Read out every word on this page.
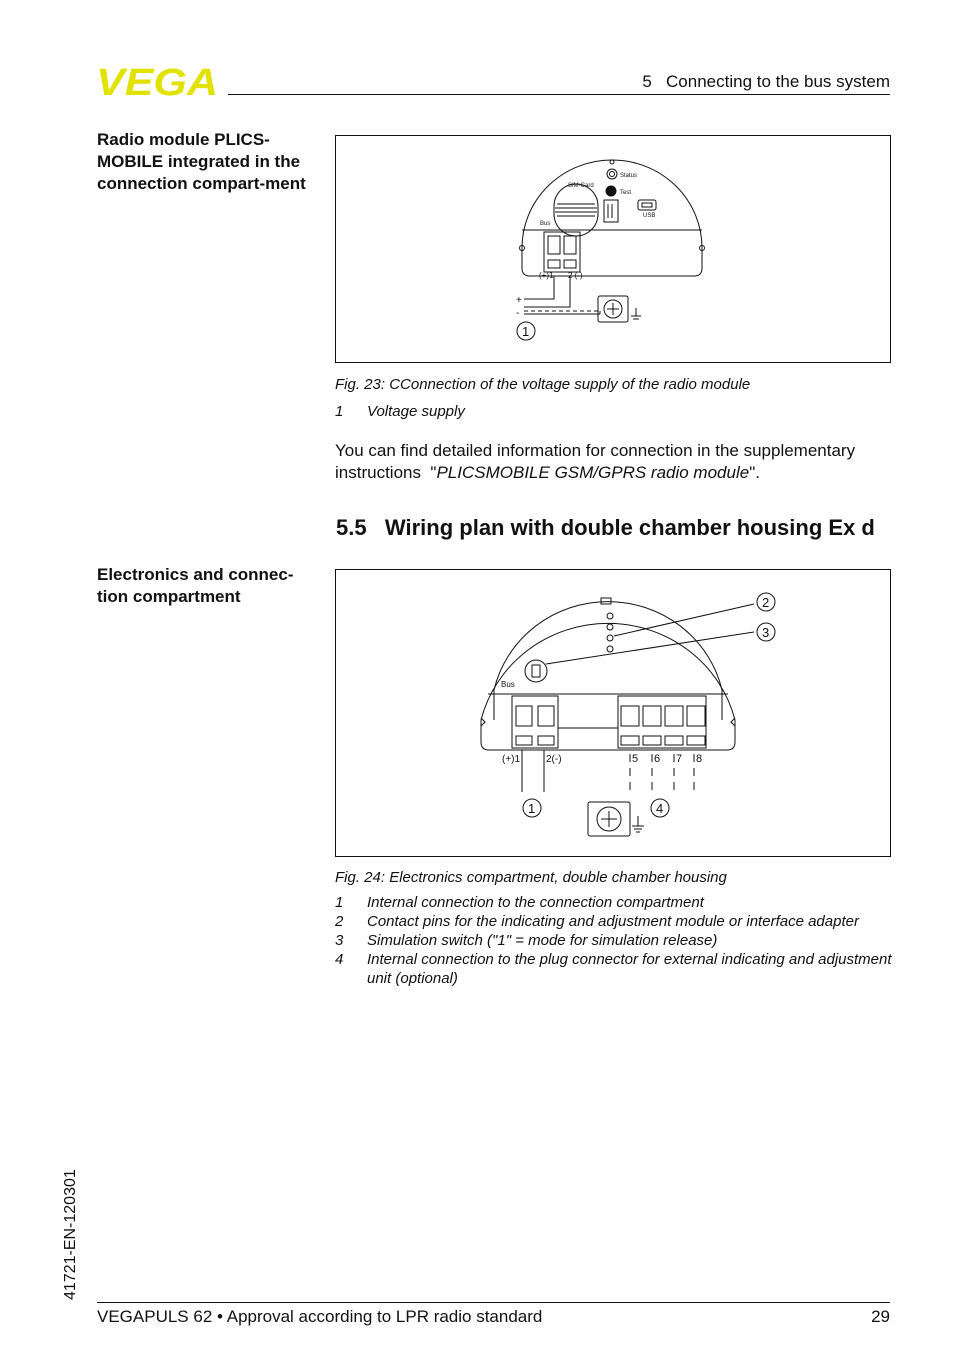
VEGA	5   Connecting to the bus system
Radio module PLICS-MOBILE integrated in the connection compart-ment	Status
SIM-Card
Test
Bus
USB
(+)1 2 (-)
+
-
1
Fig. 23: CConnection of the voltage supply of the radio module
1	Voltage supply
You can find detailed information for connection in the supplementary instructions  "PLICSMOBILE GSM/GPRS radio module".
5.5   Wiring plan with double chamber housing Ex d
Electronics and connec-tion compartment
Bus
(+)1	2(-)	5 6 7 8
1
2
3
4
Fig. 24: Electronics compartment, double chamber housing
1	Internal connection to the connection compartment
2	Contact pins for the indicating and adjustment module or interface adapter
3	Simulation switch ("1" = mode for simulation release)
4	Internal connection to the plug connector for external indicating and adjustment unit (optional)
41721-EN-120301
VEGAPULS 62 • Approval according to LPR radio standard	29
